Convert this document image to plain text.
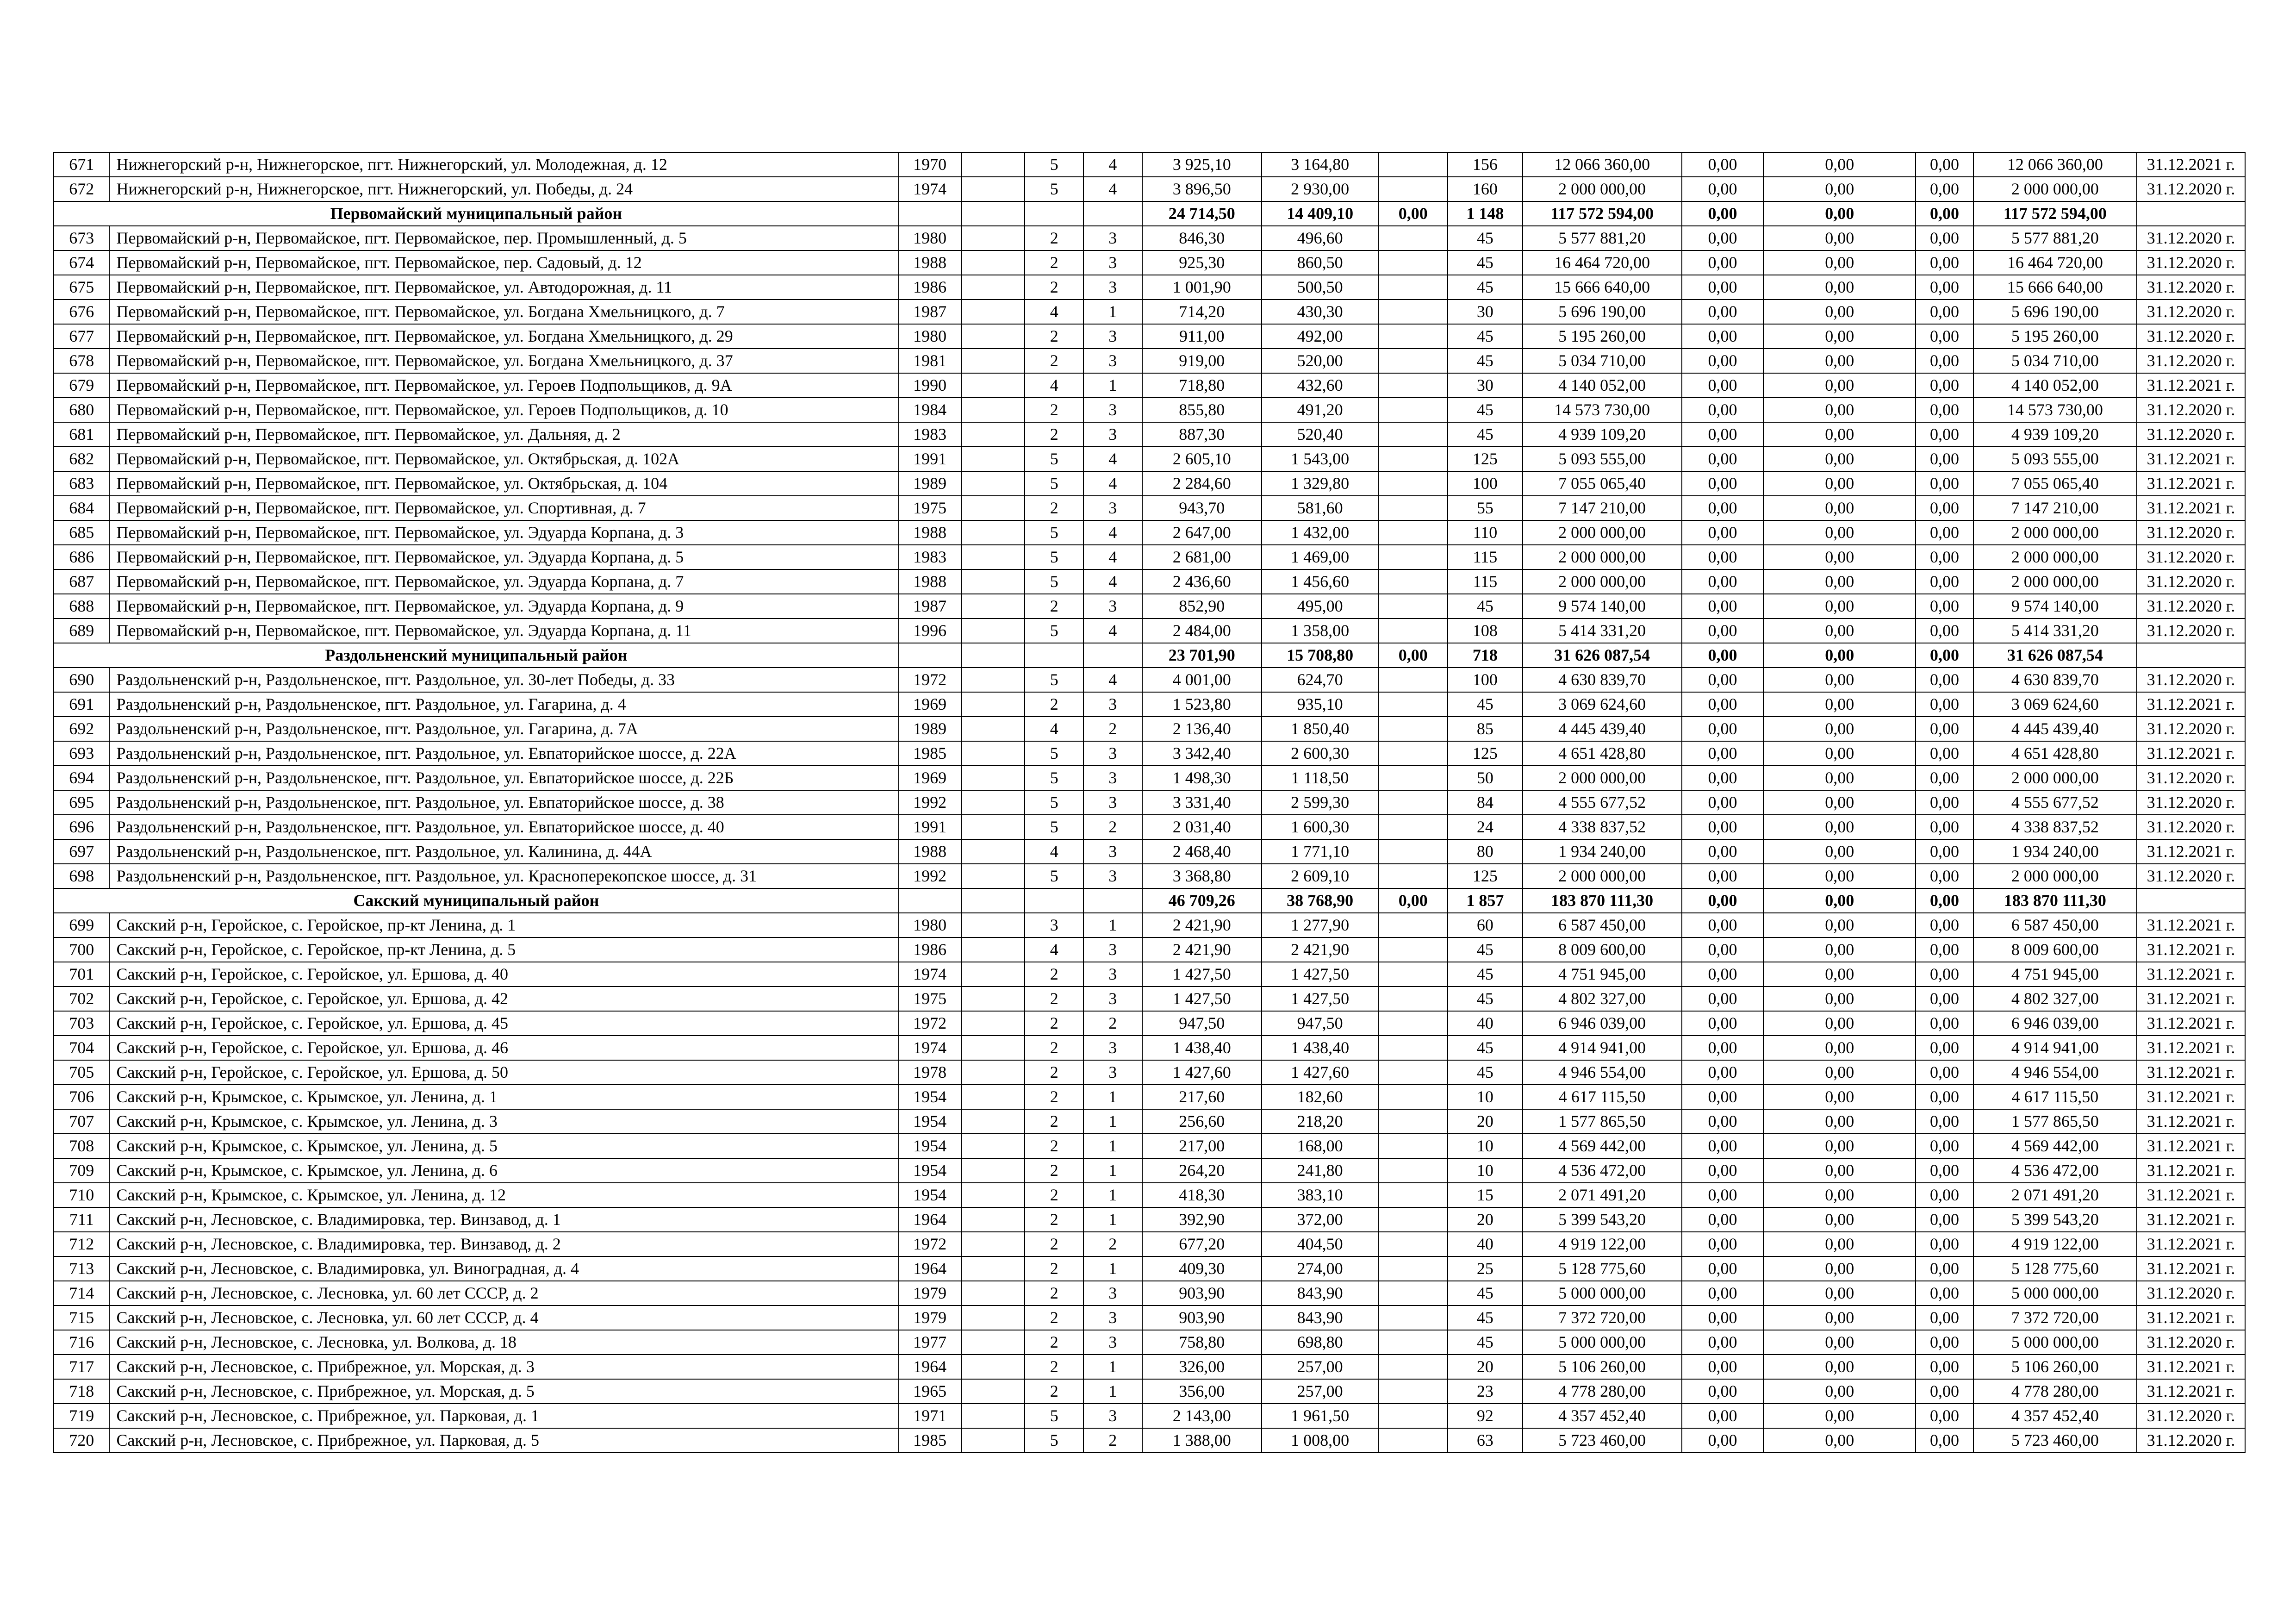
671	Нижнегорский р-н, Нижнегорское, пгт. Нижнегорский, ул. Молодежная, д. 12	1970		5	4	3 925,10	3 164,80		156	12 066 360,00	0,00	0,00	0,00	12 066 360,00	31.12.2021 г.
672	Нижнегорский р-н, Нижнегорское, пгт. Нижнегорский, ул. Победы, д. 24	1974		5	4	3 896,50	2 930,00		160	2 000 000,00	0,00	0,00	0,00	2 000 000,00	31.12.2020 г.
Первомайский муниципальный район						24 714,50	14 409,10	0,00	1 148	117 572 594,00	0,00	0,00	0,00	117 572 594,00	
673	Первомайский р-н, Первомайское, пгт. Первомайское, пер. Промышленный, д. 5	1980		2	3	846,30	496,60		45	5 577 881,20	0,00	0,00	0,00	5 577 881,20	31.12.2020 г.
674	Первомайский р-н, Первомайское, пгт. Первомайское, пер. Садовый, д. 12	1988		2	3	925,30	860,50		45	16 464 720,00	0,00	0,00	0,00	16 464 720,00	31.12.2020 г.
675	Первомайский р-н, Первомайское, пгт. Первомайское, ул. Автодорожная, д. 11	1986		2	3	1 001,90	500,50		45	15 666 640,00	0,00	0,00	0,00	15 666 640,00	31.12.2020 г.
676	Первомайский р-н, Первомайское, пгт. Первомайское, ул. Богдана Хмельницкого, д. 7	1987		4	1	714,20	430,30		30	5 696 190,00	0,00	0,00	0,00	5 696 190,00	31.12.2020 г.
677	Первомайский р-н, Первомайское, пгт. Первомайское, ул. Богдана Хмельницкого, д. 29	1980		2	3	911,00	492,00		45	5 195 260,00	0,00	0,00	0,00	5 195 260,00	31.12.2020 г.
678	Первомайский р-н, Первомайское, пгт. Первомайское, ул. Богдана Хмельницкого, д. 37	1981		2	3	919,00	520,00		45	5 034 710,00	0,00	0,00	0,00	5 034 710,00	31.12.2020 г.
679	Первомайский р-н, Первомайское, пгт. Первомайское, ул. Героев Подпольщиков, д. 9А	1990		4	1	718,80	432,60		30	4 140 052,00	0,00	0,00	0,00	4 140 052,00	31.12.2021 г.
680	Первомайский р-н, Первомайское, пгт. Первомайское, ул. Героев Подпольщиков, д. 10	1984		2	3	855,80	491,20		45	14 573 730,00	0,00	0,00	0,00	14 573 730,00	31.12.2020 г.
681	Первомайский р-н, Первомайское, пгт. Первомайское, ул. Дальняя, д. 2	1983		2	3	887,30	520,40		45	4 939 109,20	0,00	0,00	0,00	4 939 109,20	31.12.2020 г.
682	Первомайский р-н, Первомайское, пгт. Первомайское, ул. Октябрьская, д. 102А	1991		5	4	2 605,10	1 543,00		125	5 093 555,00	0,00	0,00	0,00	5 093 555,00	31.12.2021 г.
683	Первомайский р-н, Первомайское, пгт. Первомайское, ул. Октябрьская, д. 104	1989		5	4	2 284,60	1 329,80		100	7 055 065,40	0,00	0,00	0,00	7 055 065,40	31.12.2021 г.
684	Первомайский р-н, Первомайское, пгт. Первомайское, ул. Спортивная, д. 7	1975		2	3	943,70	581,60		55	7 147 210,00	0,00	0,00	0,00	7 147 210,00	31.12.2021 г.
685	Первомайский р-н, Первомайское, пгт. Первомайское, ул. Эдуарда Корпана, д. 3	1988		5	4	2 647,00	1 432,00		110	2 000 000,00	0,00	0,00	0,00	2 000 000,00	31.12.2020 г.
686	Первомайский р-н, Первомайское, пгт. Первомайское, ул. Эдуарда Корпана, д. 5	1983		5	4	2 681,00	1 469,00		115	2 000 000,00	0,00	0,00	0,00	2 000 000,00	31.12.2020 г.
687	Первомайский р-н, Первомайское, пгт. Первомайское, ул. Эдуарда Корпана, д. 7	1988		5	4	2 436,60	1 456,60		115	2 000 000,00	0,00	0,00	0,00	2 000 000,00	31.12.2020 г.
688	Первомайский р-н, Первомайское, пгт. Первомайское, ул. Эдуарда Корпана, д. 9	1987		2	3	852,90	495,00		45	9 574 140,00	0,00	0,00	0,00	9 574 140,00	31.12.2020 г.
689	Первомайский р-н, Первомайское, пгт. Первомайское, ул. Эдуарда Корпана, д. 11	1996		5	4	2 484,00	1 358,00		108	5 414 331,20	0,00	0,00	0,00	5 414 331,20	31.12.2020 г.
Раздольненский муниципальный район						23 701,90	15 708,80	0,00	718	31 626 087,54	0,00	0,00	0,00	31 626 087,54	
690	Раздольненский р-н, Раздольненское, пгт. Раздольное, ул. 30-лет Победы, д. 33	1972		5	4	4 001,00	624,70		100	4 630 839,70	0,00	0,00	0,00	4 630 839,70	31.12.2020 г.
691	Раздольненский р-н, Раздольненское, пгт. Раздольное, ул. Гагарина, д. 4	1969		2	3	1 523,80	935,10		45	3 069 624,60	0,00	0,00	0,00	3 069 624,60	31.12.2021 г.
692	Раздольненский р-н, Раздольненское, пгт. Раздольное, ул. Гагарина, д. 7А	1989		4	2	2 136,40	1 850,40		85	4 445 439,40	0,00	0,00	0,00	4 445 439,40	31.12.2020 г.
693	Раздольненский р-н, Раздольненское, пгт. Раздольное, ул. Евпаторийское шоссе, д. 22А	1985		5	3	3 342,40	2 600,30		125	4 651 428,80	0,00	0,00	0,00	4 651 428,80	31.12.2021 г.
694	Раздольненский р-н, Раздольненское, пгт. Раздольное, ул. Евпаторийское шоссе, д. 22Б	1969		5	3	1 498,30	1 118,50		50	2 000 000,00	0,00	0,00	0,00	2 000 000,00	31.12.2020 г.
695	Раздольненский р-н, Раздольненское, пгт. Раздольное, ул. Евпаторийское шоссе, д. 38	1992		5	3	3 331,40	2 599,30		84	4 555 677,52	0,00	0,00	0,00	4 555 677,52	31.12.2020 г.
696	Раздольненский р-н, Раздольненское, пгт. Раздольное, ул. Евпаторийское шоссе, д. 40	1991		5	2	2 031,40	1 600,30		24	4 338 837,52	0,00	0,00	0,00	4 338 837,52	31.12.2020 г.
697	Раздольненский р-н, Раздольненское, пгт. Раздольное, ул. Калинина, д. 44А	1988		4	3	2 468,40	1 771,10		80	1 934 240,00	0,00	0,00	0,00	1 934 240,00	31.12.2021 г.
698	Раздольненский р-н, Раздольненское, пгт. Раздольное, ул. Красноперекопское шоссе, д. 31	1992		5	3	3 368,80	2 609,10		125	2 000 000,00	0,00	0,00	0,00	2 000 000,00	31.12.2020 г.
Сакский муниципальный район						46 709,26	38 768,90	0,00	1 857	183 870 111,30	0,00	0,00	0,00	183 870 111,30	
699	Сакский р-н, Геройское, с. Геройское, пр-кт Ленина, д. 1	1980		3	1	2 421,90	1 277,90		60	6 587 450,00	0,00	0,00	0,00	6 587 450,00	31.12.2021 г.
700	Сакский р-н, Геройское, с. Геройское, пр-кт Ленина, д. 5	1986		4	3	2 421,90	2 421,90		45	8 009 600,00	0,00	0,00	0,00	8 009 600,00	31.12.2021 г.
701	Сакский р-н, Геройское, с. Геройское, ул. Ершова, д. 40	1974		2	3	1 427,50	1 427,50		45	4 751 945,00	0,00	0,00	0,00	4 751 945,00	31.12.2021 г.
702	Сакский р-н, Геройское, с. Геройское, ул. Ершова, д. 42	1975		2	3	1 427,50	1 427,50		45	4 802 327,00	0,00	0,00	0,00	4 802 327,00	31.12.2021 г.
703	Сакский р-н, Геройское, с. Геройское, ул. Ершова, д. 45	1972		2	2	947,50	947,50		40	6 946 039,00	0,00	0,00	0,00	6 946 039,00	31.12.2021 г.
704	Сакский р-н, Геройское, с. Геройское, ул. Ершова, д. 46	1974		2	3	1 438,40	1 438,40		45	4 914 941,00	0,00	0,00	0,00	4 914 941,00	31.12.2021 г.
705	Сакский р-н, Геройское, с. Геройское, ул. Ершова, д. 50	1978		2	3	1 427,60	1 427,60		45	4 946 554,00	0,00	0,00	0,00	4 946 554,00	31.12.2021 г.
706	Сакский р-н, Крымское, с. Крымское, ул. Ленина, д. 1	1954		2	1	217,60	182,60		10	4 617 115,50	0,00	0,00	0,00	4 617 115,50	31.12.2021 г.
707	Сакский р-н, Крымское, с. Крымское, ул. Ленина, д. 3	1954		2	1	256,60	218,20		20	1 577 865,50	0,00	0,00	0,00	1 577 865,50	31.12.2021 г.
708	Сакский р-н, Крымское, с. Крымское, ул. Ленина, д. 5	1954		2	1	217,00	168,00		10	4 569 442,00	0,00	0,00	0,00	4 569 442,00	31.12.2021 г.
709	Сакский р-н, Крымское, с. Крымское, ул. Ленина, д. 6	1954		2	1	264,20	241,80		10	4 536 472,00	0,00	0,00	0,00	4 536 472,00	31.12.2021 г.
710	Сакский р-н, Крымское, с. Крымское, ул. Ленина, д. 12	1954		2	1	418,30	383,10		15	2 071 491,20	0,00	0,00	0,00	2 071 491,20	31.12.2021 г.
711	Сакский р-н, Лесновское, с. Владимировка, тер. Винзавод, д. 1	1964		2	1	392,90	372,00		20	5 399 543,20	0,00	0,00	0,00	5 399 543,20	31.12.2021 г.
712	Сакский р-н, Лесновское, с. Владимировка, тер. Винзавод, д. 2	1972		2	2	677,20	404,50		40	4 919 122,00	0,00	0,00	0,00	4 919 122,00	31.12.2021 г.
713	Сакский р-н, Лесновское, с. Владимировка, ул. Виноградная, д. 4	1964		2	1	409,30	274,00		25	5 128 775,60	0,00	0,00	0,00	5 128 775,60	31.12.2021 г.
714	Сакский р-н, Лесновское, с. Лесновка, ул. 60 лет СССР, д. 2	1979		2	3	903,90	843,90		45	5 000 000,00	0,00	0,00	0,00	5 000 000,00	31.12.2020 г.
715	Сакский р-н, Лесновское, с. Лесновка, ул. 60 лет СССР, д. 4	1979		2	3	903,90	843,90		45	7 372 720,00	0,00	0,00	0,00	7 372 720,00	31.12.2021 г.
716	Сакский р-н, Лесновское, с. Лесновка, ул. Волкова, д. 18	1977		2	3	758,80	698,80		45	5 000 000,00	0,00	0,00	0,00	5 000 000,00	31.12.2020 г.
717	Сакский р-н, Лесновское, с. Прибрежное, ул. Морская, д. 3	1964		2	1	326,00	257,00		20	5 106 260,00	0,00	0,00	0,00	5 106 260,00	31.12.2021 г.
718	Сакский р-н, Лесновское, с. Прибрежное, ул. Морская, д. 5	1965		2	1	356,00	257,00		23	4 778 280,00	0,00	0,00	0,00	4 778 280,00	31.12.2021 г.
719	Сакский р-н, Лесновское, с. Прибрежное, ул. Парковая, д. 1	1971		5	3	2 143,00	1 961,50		92	4 357 452,40	0,00	0,00	0,00	4 357 452,40	31.12.2020 г.
720	Сакский р-н, Лесновское, с. Прибрежное, ул. Парковая, д. 5	1985		5	2	1 388,00	1 008,00		63	5 723 460,00	0,00	0,00	0,00	5 723 460,00	31.12.2020 г.
